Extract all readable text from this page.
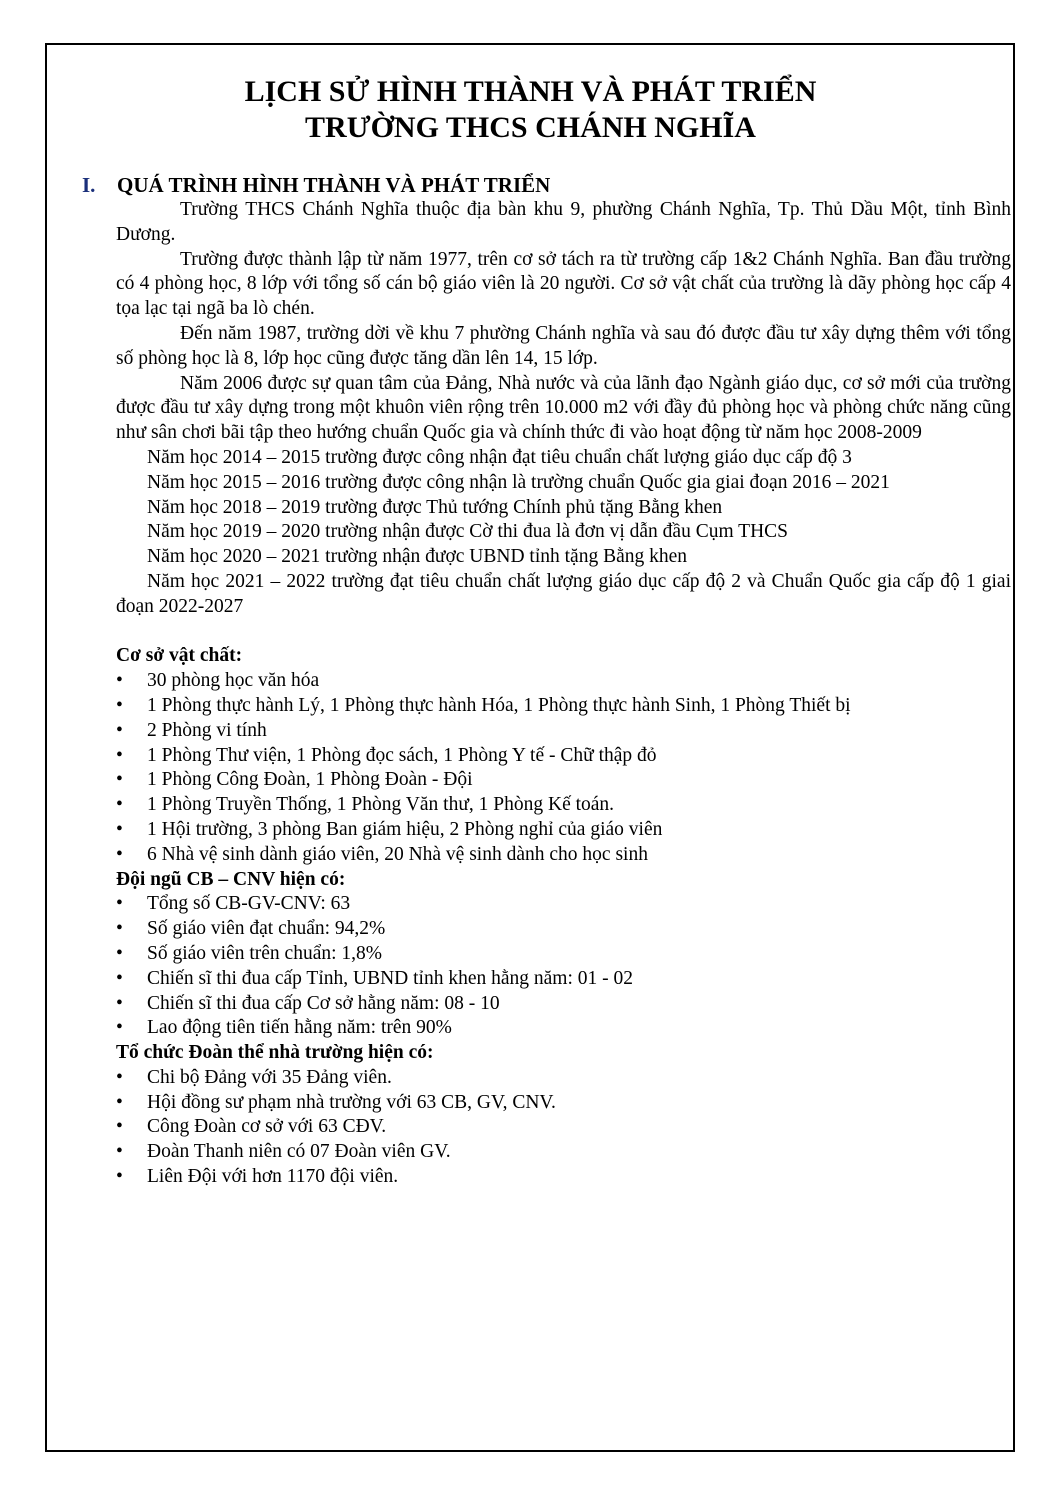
LỊCH SỬ HÌNH THÀNH VÀ PHÁT TRIỂN
TRƯỜNG THCS CHÁNH NGHĨA
I. QUÁ TRÌNH HÌNH THÀNH VÀ PHÁT TRIỂN

Trường THCS Chánh Nghĩa thuộc địa bàn khu 9, phường Chánh Nghĩa, Tp. Thủ Dầu Một, tỉnh Bình Dương.

Trường được thành lập từ năm 1977, trên cơ sở tách ra từ trường cấp 1&2 Chánh Nghĩa. Ban đầu trường có 4 phòng học, 8 lớp với tổng số cán bộ giáo viên là 20 người. Cơ sở vật chất của trường là dãy phòng học cấp 4 tọa lạc tại ngã ba lò chén.

Đến năm 1987, trường dời về khu 7 phường Chánh nghĩa và sau đó được đầu tư xây dựng thêm với tổng số phòng học là 8, lớp học cũng được tăng dần lên 14, 15 lớp.

Năm 2006 được sự quan tâm của Đảng, Nhà nước và của lãnh đạo Ngành giáo dục, cơ sở mới của trường được đầu tư xây dựng trong một khuôn viên rộng trên 10.000 m2 với đầy đủ phòng học và phòng chức năng cũng như sân chơi bãi tập theo hướng chuẩn Quốc gia và chính thức đi vào hoạt động từ năm học 2008-2009

Năm học 2014 – 2015 trường được công nhận đạt tiêu chuẩn chất lượng giáo dục cấp độ 3

Năm học 2015 – 2016 trường được công nhận là trường chuẩn Quốc gia giai đoạn 2016 – 2021

Năm học 2018 – 2019 trường được Thủ tướng Chính phủ tặng Bằng khen

Năm học 2019 – 2020 trường nhận được Cờ thi đua là đơn vị dẫn đầu Cụm THCS

Năm học 2020 – 2021 trường nhận được UBND tỉnh tặng Bằng khen

Năm học 2021 – 2022 trường đạt tiêu chuẩn chất lượng giáo dục cấp độ 2 và Chuẩn Quốc gia cấp độ 1 giai đoạn 2022-2027

Cơ sở vật chất:

• 30 phòng học văn hóa
• 1 Phòng thực hành Lý, 1 Phòng thực hành Hóa, 1 Phòng thực hành Sinh, 1 Phòng Thiết bị
• 2 Phòng vi tính
• 1 Phòng Thư viện, 1 Phòng đọc sách, 1 Phòng Y tế - Chữ thập đỏ
• 1 Phòng Công Đoàn, 1 Phòng Đoàn - Đội
• 1 Phòng Truyền Thống, 1 Phòng Văn thư, 1 Phòng Kế toán.
• 1 Hội trường, 3 phòng Ban giám hiệu, 2 Phòng nghỉ của giáo viên
• 6 Nhà vệ sinh dành giáo viên, 20 Nhà vệ sinh dành cho học sinh

Đội ngũ CB – CNV hiện có:

• Tổng số CB-GV-CNV: 63
• Số giáo viên đạt chuẩn: 94,2%
• Số giáo viên trên chuẩn: 1,8%
• Chiến sĩ thi đua cấp Tỉnh, UBND tỉnh khen hằng năm: 01 - 02
• Chiến sĩ thi đua cấp Cơ sở hằng năm: 08 - 10
• Lao động tiên tiến hằng năm: trên 90%

Tổ chức Đoàn thể nhà trường hiện có:

• Chi bộ Đảng với 35 Đảng viên.
• Hội đồng sư phạm nhà trường với 63 CB, GV, CNV.
• Công Đoàn cơ sở với 63 CĐV.
• Đoàn Thanh niên có 07 Đoàn viên GV.
• Liên Đội với hơn 1170 đội viên.
